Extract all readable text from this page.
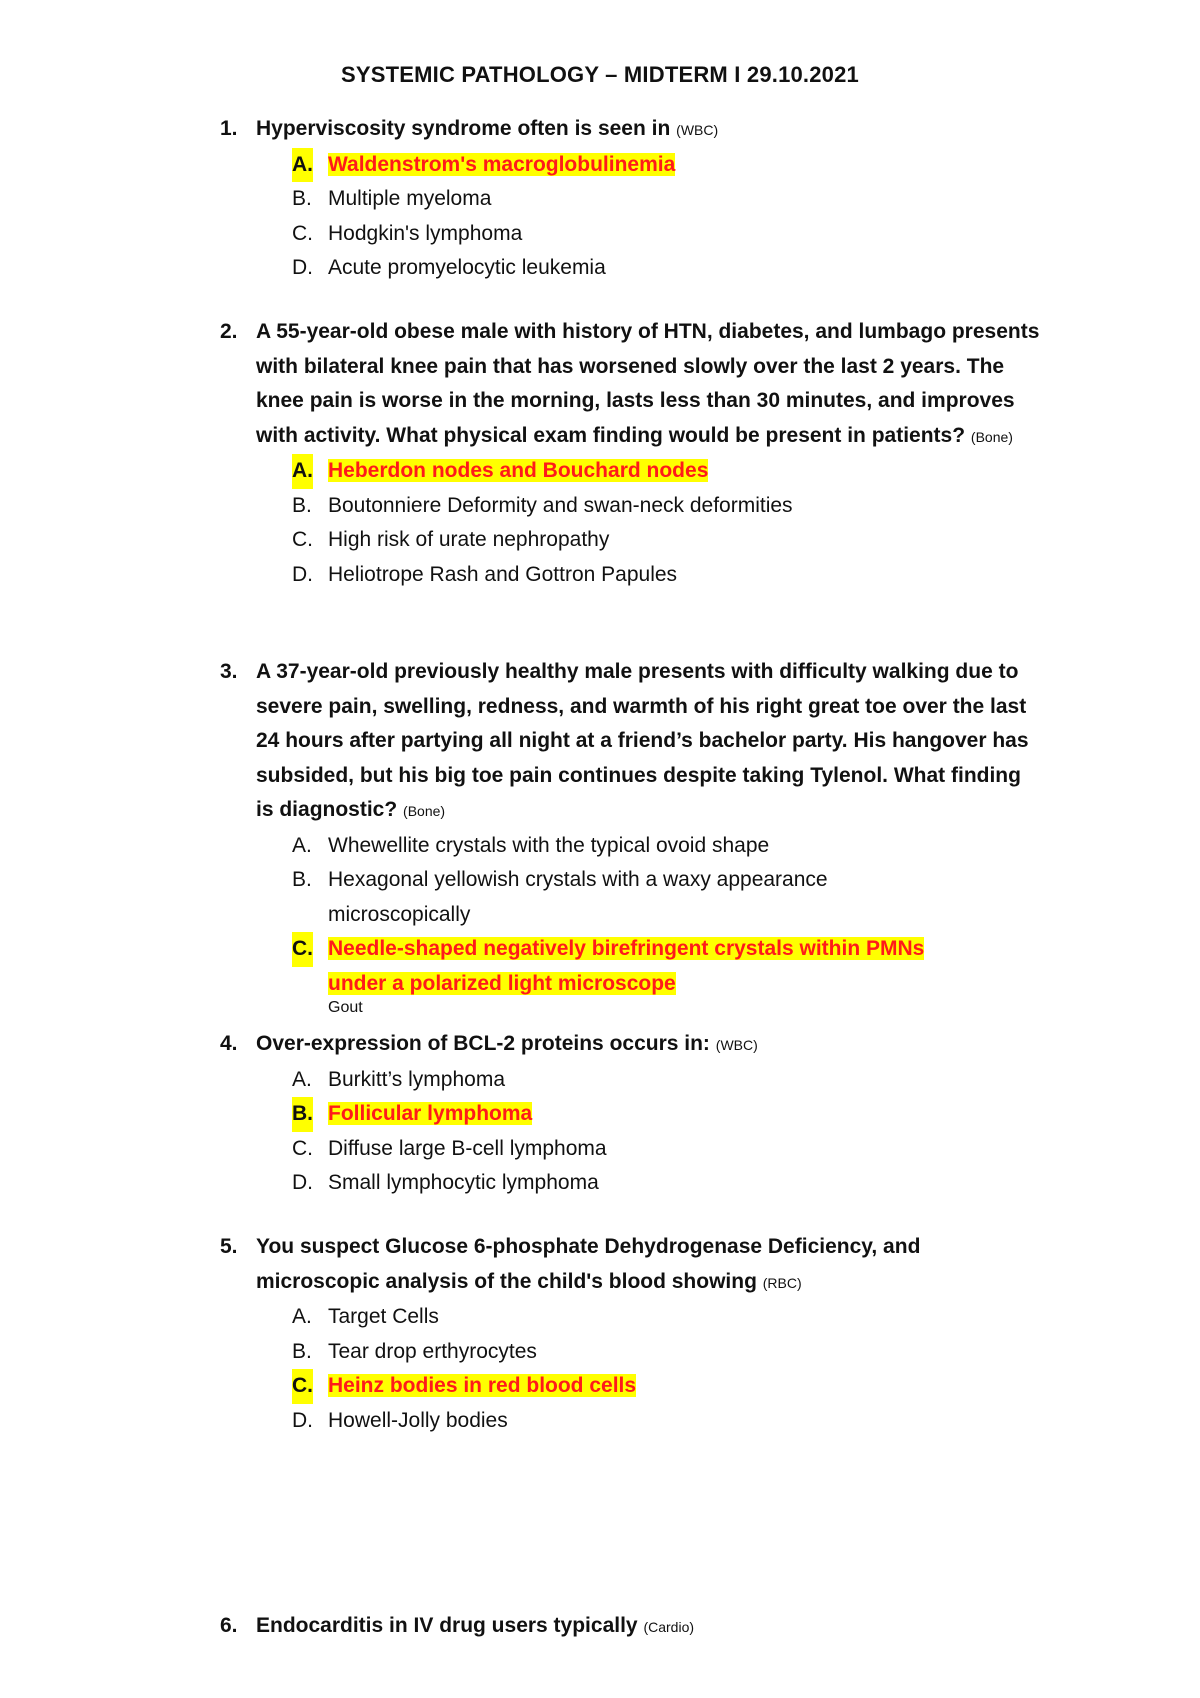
SYSTEMIC PATHOLOGY – MIDTERM I 29.10.2021
1. Hyperviscosity syndrome often is seen in (WBC)
A. Waldenstrom's macroglobulinemia
B. Multiple myeloma
C. Hodgkin's lymphoma
D. Acute promyelocytic leukemia
2. A 55-year-old obese male with history of HTN, diabetes, and lumbago presents with bilateral knee pain that has worsened slowly over the last 2 years. The knee pain is worse in the morning, lasts less than 30 minutes, and improves with activity. What physical exam finding would be present in patients? (Bone)
A. Heberdon nodes and Bouchard nodes
B. Boutonniere Deformity and swan-neck deformities
C. High risk of urate nephropathy
D. Heliotrope Rash and Gottron Papules
3. A 37-year-old previously healthy male presents with difficulty walking due to severe pain, swelling, redness, and warmth of his right great toe over the last 24 hours after partying all night at a friend’s bachelor party. His hangover has subsided, but his big toe pain continues despite taking Tylenol. What finding is diagnostic? (Bone)
A. Whewellite crystals with the typical ovoid shape
B. Hexagonal yellowish crystals with a waxy appearance microscopically
C. Needle-shaped negatively birefringent crystals within PMNs under a polarized light microscope
Gout
4. Over-expression of BCL-2 proteins occurs in: (WBC)
A. Burkitt’s lymphoma
B. Follicular lymphoma
C. Diffuse large B-cell lymphoma
D. Small lymphocytic lymphoma
5. You suspect Glucose 6-phosphate Dehydrogenase Deficiency, and microscopic analysis of the child's blood showing (RBC)
A. Target Cells
B. Tear drop erthyrocytes
C. Heinz bodies in red blood cells
D. Howell-Jolly bodies
6. Endocarditis in IV drug users typically (Cardio)
